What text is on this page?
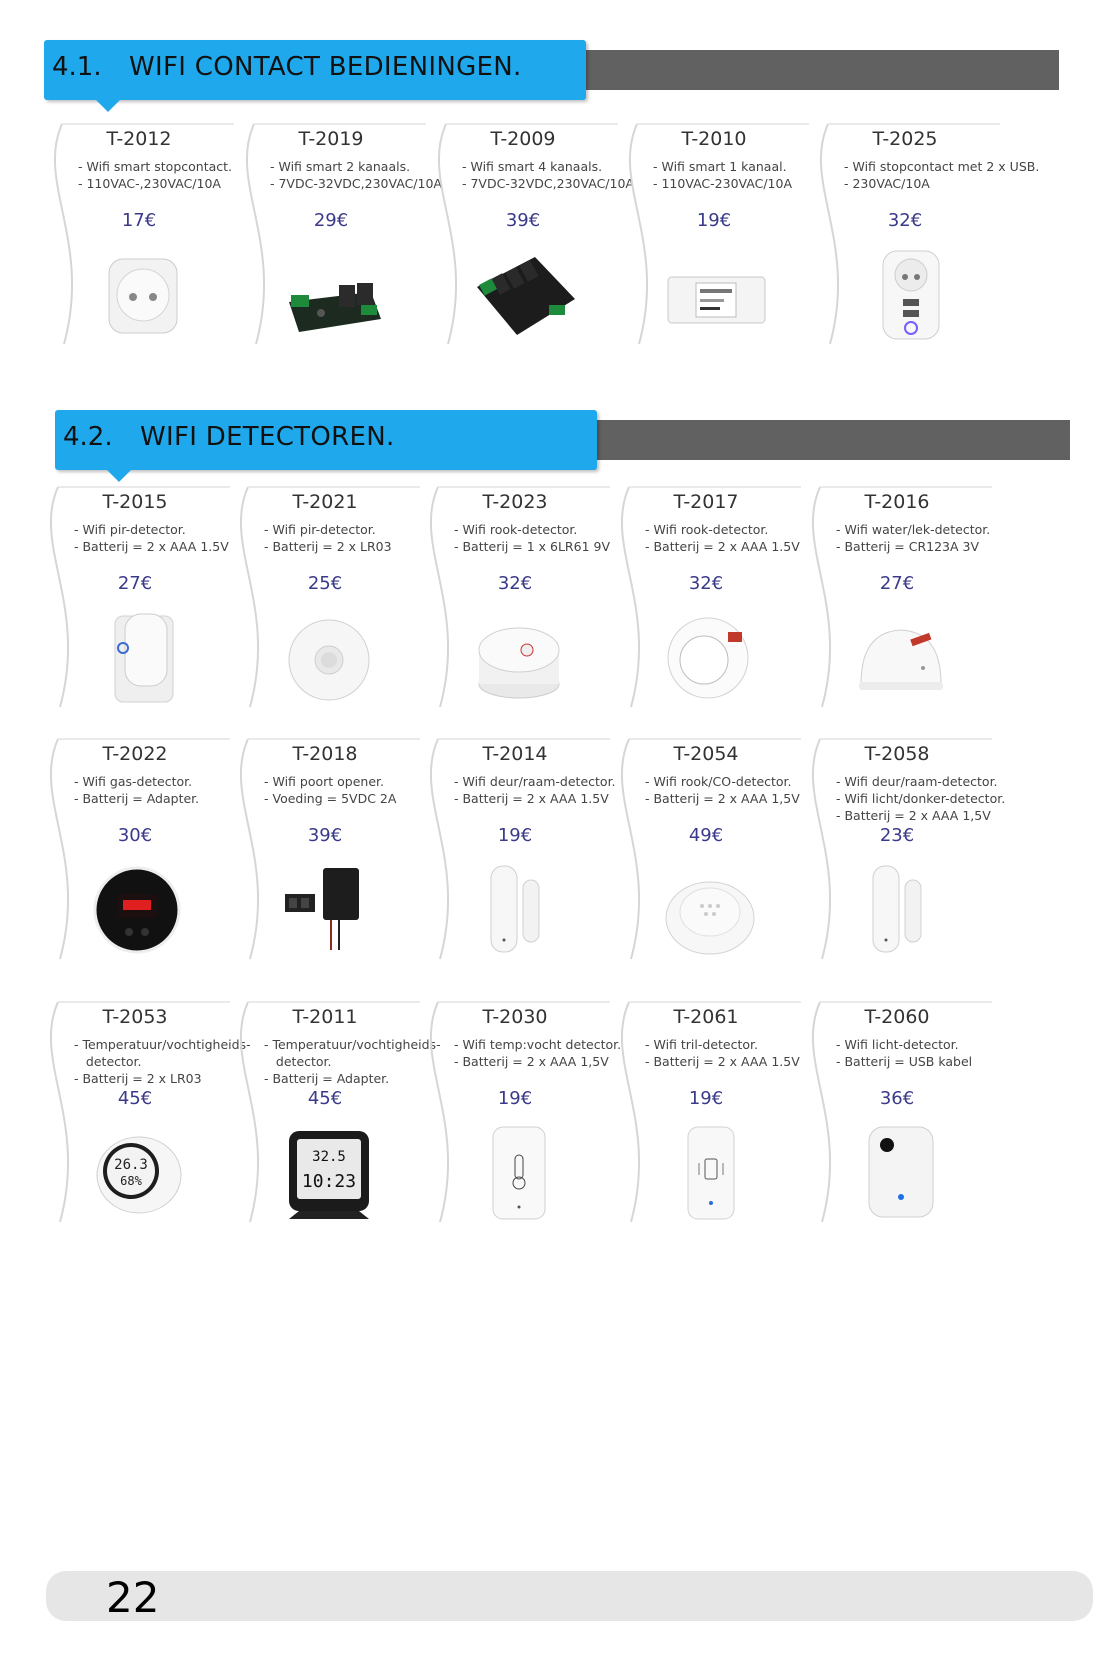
4.1. WIFI CONTACT BEDIENINGEN.
4.2. WIFI DETECTOREN.
T-2012
- Wifi smart stopcontact.
- 110VAC-,230VAC/10A
17€
T-2019
- Wifi smart 2 kanaals.
- 7VDC-32VDC,230VAC/10A
29€
T-2009
- Wifi smart 4 kanaals.
- 7VDC-32VDC,230VAC/10A
39€
T-2010
- Wifi smart 1 kanaal.
- 110VAC-230VAC/10A
19€
T-2025
- Wifi stopcontact met 2 x USB.
- 230VAC/10A
32€
T-2015
- Wifi pir-detector.
- Batterij = 2 x AAA 1.5V
27€
T-2021
- Wifi pir-detector.
- Batterij = 2 x LR03
25€
T-2023
- Wifi rook-detector.
- Batterij = 1 x 6LR61 9V
32€
T-2017
- Wifi rook-detector.
- Batterij = 2 x AAA 1.5V
32€
T-2016
- Wifi water/lek-detector.
- Batterij = CR123A 3V
27€
T-2022
- Wifi gas-detector.
- Batterij = Adapter.
30€
T-2018
- Wifi poort opener.
- Voeding = 5VDC 2A
39€
T-2014
- Wifi deur/raam-detector.
- Batterij = 2 x AAA 1.5V
19€
T-2054
- Wifi rook/CO-detector.
- Batterij = 2 x AAA 1,5V
49€
T-2058
- Wifi deur/raam-detector.
- Wifi licht/donker-detector.
- Batterij = 2 x AAA 1,5V
23€
T-2053
- Temperatuur/vochtigheids-
detector.
- Batterij = 2 x LR03
45€
26.3
68%
T-2011
- Temperatuur/vochtigheids-
detector.
- Batterij = Adapter.
45€
32.5
10:23
T-2030
- Wifi temp:vocht detector.
- Batterij = 2 x AAA 1,5V
19€
T-2061
- Wifi tril-detector.
- Batterij = 2 x AAA 1.5V
19€
T-2060
- Wifi licht-detector.
- Batterij = USB kabel
36€
22
